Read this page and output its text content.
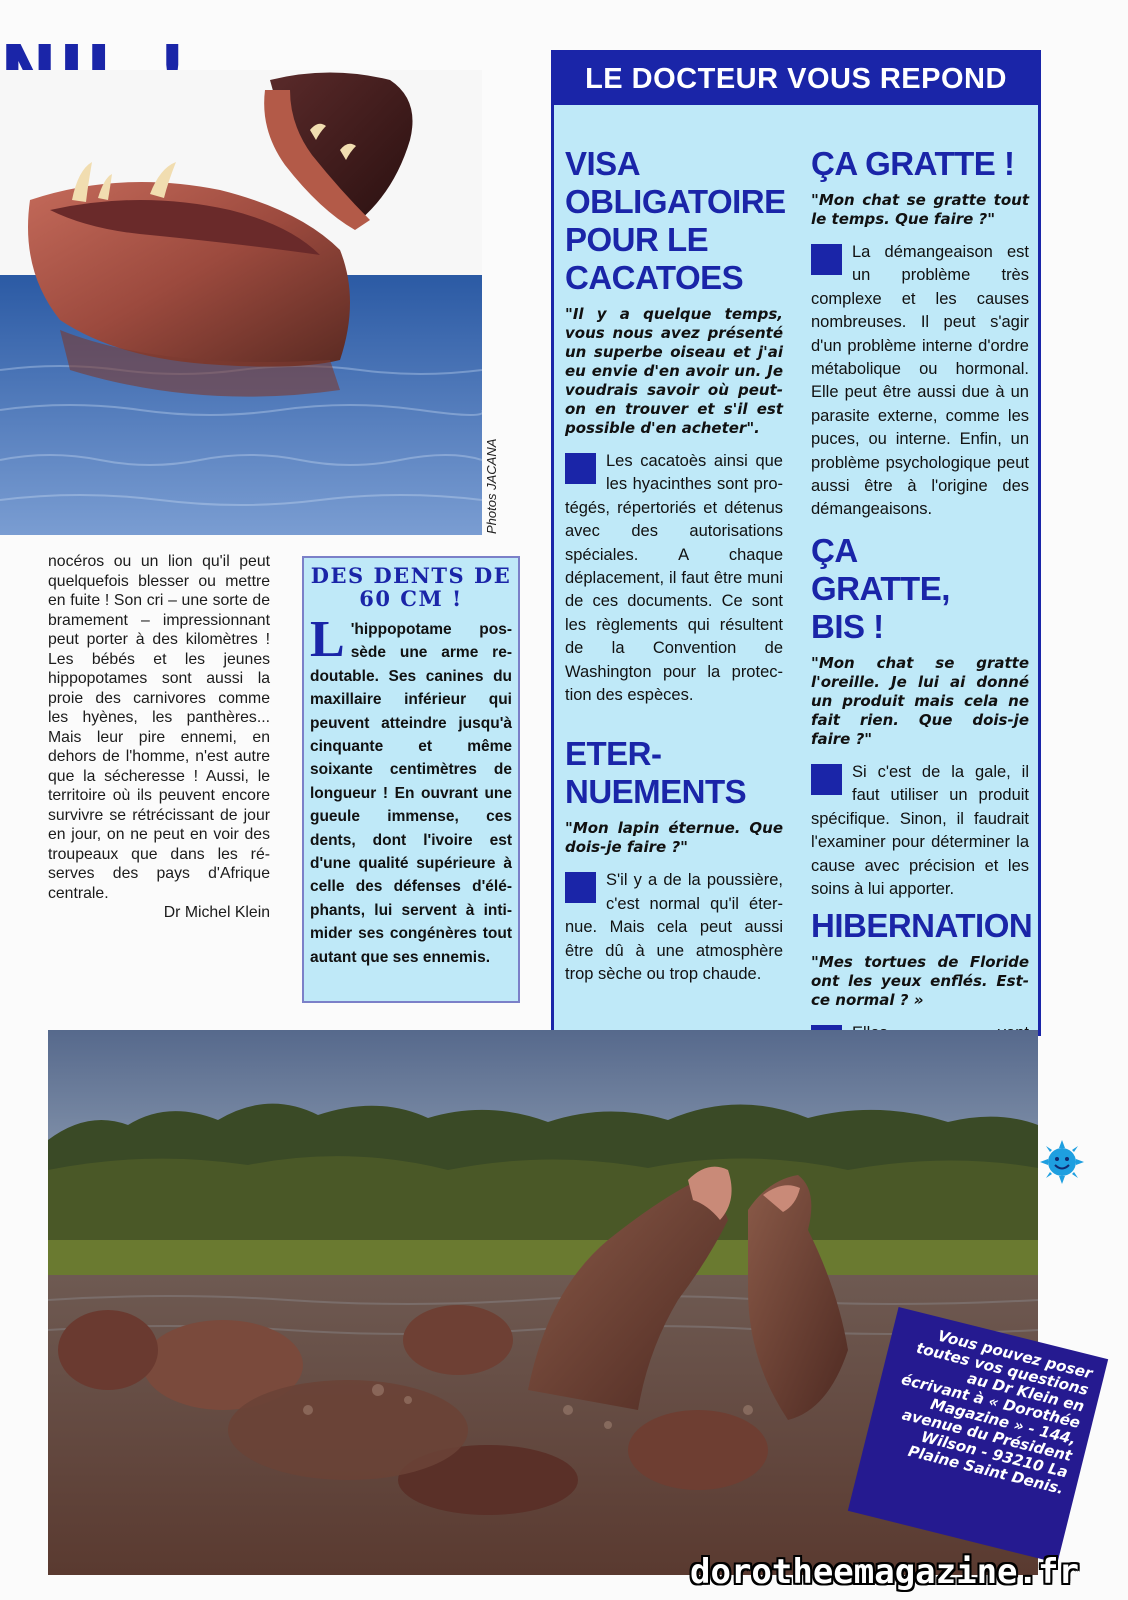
Photos JACANA
nocéros ou un lion qu'il peut quelquefois blesser ou mettre en fuite ! Son cri – une sorte de bramement – impressionnant peut porter à des kilomètres ! Les bébés et les jeunes hippopotames sont aussi la proie des carnivores comme les hyènes, les panthères... Mais leur pire ennemi, en dehors de l'homme, n'est autre que la sécheresse ! Aussi, le territoire où ils peuvent encore survivre se rétrécissant de jour en jour, on ne peut en voir des troupeaux que dans les réserves des pays d'Afrique centrale.
Dr Michel Klein
DES DENTS DE 60 CM !
L 'hippopotame possède une arme redoutable. Ses canines du maxillaire inférieur qui peuvent atteindre jusqu'à cinquante et même soixante centimètres de longueur ! En ouvrant une gueule immense, ces dents, dont l'ivoire est d'une qualité supérieure à celle des défenses d'éléphants, lui servent à intimider ses congénères tout autant que ses ennemis.
LE DOCTEUR VOUS REPOND
VISA OBLIGATOIRE POUR LE CACATOES
"Il y a quelque temps, vous nous avez présenté un superbe oiseau et j'ai eu envie d'en avoir un. Je voudrais savoir où peut-on en trouver et s'il est possible d'en acheter".
Les cacatoès ainsi que les hyacinthes sont protégés, répertoriés et détenus avec des autorisations spéciales. A chaque déplacement, il faut être muni de ces documents. Ce sont les règlements qui résultent de la Convention de Washington pour la protection des espèces.
ETERNUEMENTS
"Mon lapin éternue. Que dois-je faire ?"
S'il y a de la poussière, c'est normal qu'il éternue. Mais cela peut aussi être dû à une atmosphère trop sèche ou trop chaude.
ÇA GRATTE !
"Mon chat se gratte tout le temps. Que faire ?"
La démangeaison est un problème très complexe et les causes nombreuses. Il peut s'agir d'un problème interne d'ordre métabolique ou hormonal. Elle peut être aussi due à un parasite externe, comme les puces, ou interne. Enfin, un problème psychologique peut aussi être à l'origine des démangeaisons.
ÇA GRATTE, BIS !
"Mon chat se gratte l'oreille. Je lui ai donné un produit mais cela ne fait rien. Que dois-je faire ?"
Si c'est de la gale, il faut utiliser un produit spécifique. Sinon, il faudrait l'examiner pour déterminer la cause avec précision et les soins à lui apporter.
HIBERNATION
"Mes tortues de Floride ont les yeux enflés. Est-ce normal ? »
Vous pouvez poser toutes vos questions au Dr Klein en écrivant à « Dorothée Magazine » - 144, avenue du Président Wilson - 93210 La Plaine Saint Denis.
dorotheemagazine.fr
